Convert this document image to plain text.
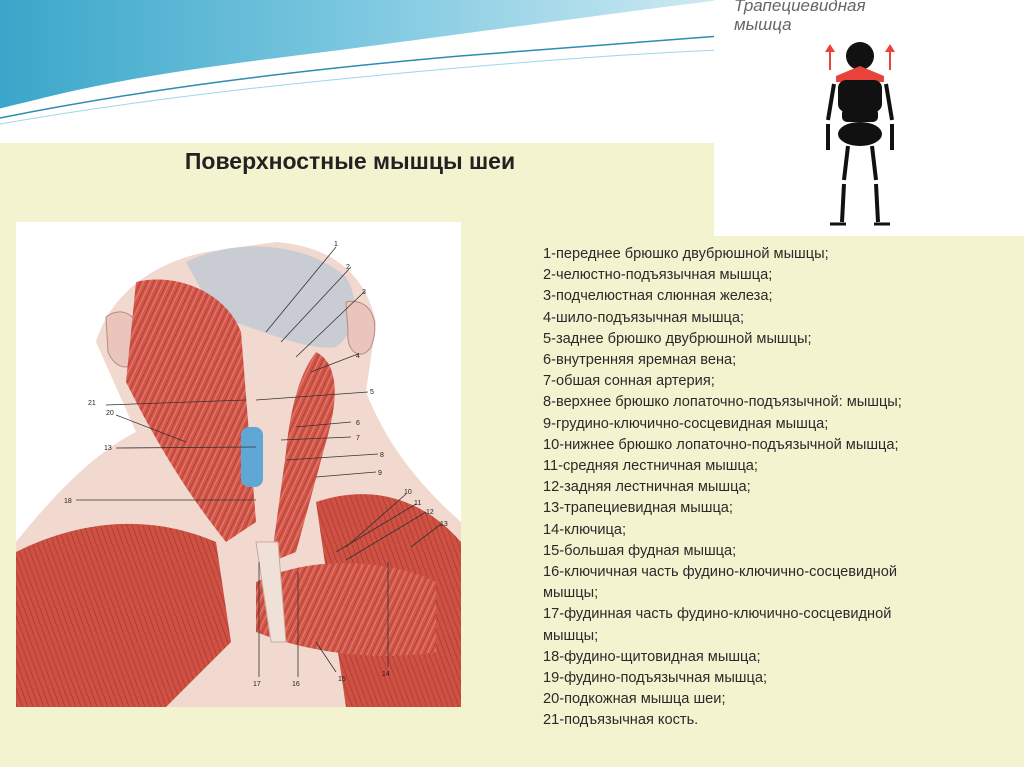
Поверхностные мышцы шеи
1
2
3
4
5
6
7
8
9
10
11
12
13
21
20
13
18
17	16
15
14
1-переднее брюшко двубрюшной мышцы;
2-челюстно-подъязычная мышца;
3-подчелюстная слюнная железа;
4-шило-подъязычная мышца;
5-заднее брюшко двубрюшной мышцы;
6-внутренняя яремная вена;
7-обшая сонная артерия;
8-верхнее брюшко лопаточно-подъязычной: мышцы;
9-грудино-ключично-сосцевидная мышца;
10-нижнее брюшко лопаточно-подъязычной мышца;
11-средняя лестничная мышца;
12-задняя лестничная мышца;
13-трапециевидная мышца;
14-ключица;
15-большая фудная мышца;
16-ключичная часть фудино-ключично-сосцевидной
мышцы;
17-фудинная часть фудино-ключично-сосцевидной
мышцы;
18-фудино-щитовидная мышца;
19-фудино-подъязычная мышца;
20-подкожная мышца шеи;
21-подъязычная кость.
Трапециевидная
мышца
